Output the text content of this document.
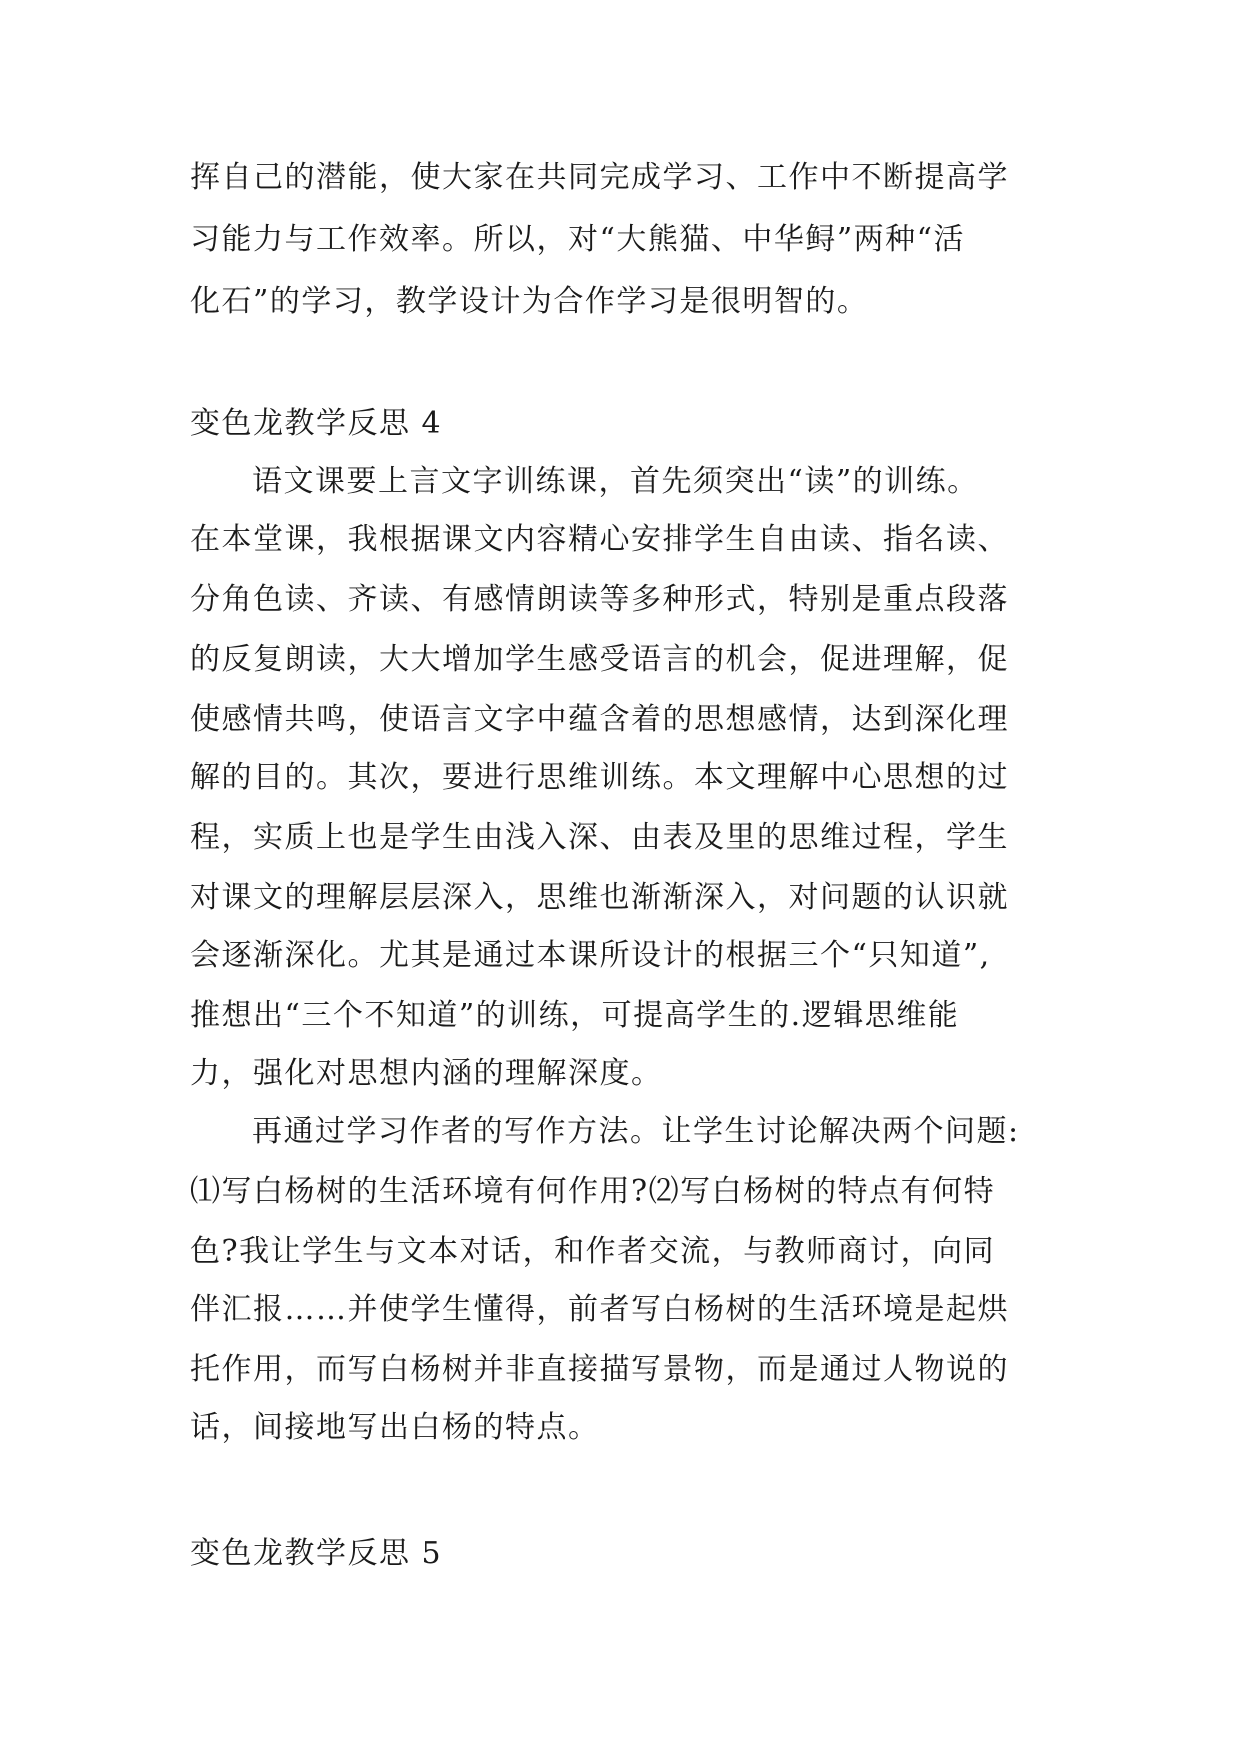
挥自己的潜能，使大家在共同完成学习、工作中不断提高学
习能力与工作效率。所以，对“大熊猫、中华鲟”两种“活
化石”的学习，教学设计为合作学习是很明智的。
变色龙教学反思 4
语文课要上言文字训练课，首先须突出“读”的训练。
在本堂课，我根据课文内容精心安排学生自由读、指名读、
分角色读、齐读、有感情朗读等多种形式，特别是重点段落
的反复朗读，大大增加学生感受语言的机会，促进理解，促
使感情共鸣，使语言文字中蕴含着的思想感情，达到深化理
解的目的。其次，要进行思维训练。本文理解中心思想的过
程，实质上也是学生由浅入深、由表及里的思维过程，学生
对课文的理解层层深入，思维也渐渐深入，对问题的认识就
会逐渐深化。尤其是通过本课所设计的根据三个“只知道”,
推想出“三个不知道”的训练，可提高学生的.逻辑思维能
力，强化对思想内涵的理解深度。
再通过学习作者的写作方法。让学生讨论解决两个问题:
⑴写白杨树的生活环境有何作用?⑵写白杨树的特点有何特
色?我让学生与文本对话，和作者交流，与教师商讨，向同
伴汇报……并使学生懂得，前者写白杨树的生活环境是起烘
托作用，而写白杨树并非直接描写景物，而是通过人物说的
话，间接地写出白杨的特点。
变色龙教学反思 5
